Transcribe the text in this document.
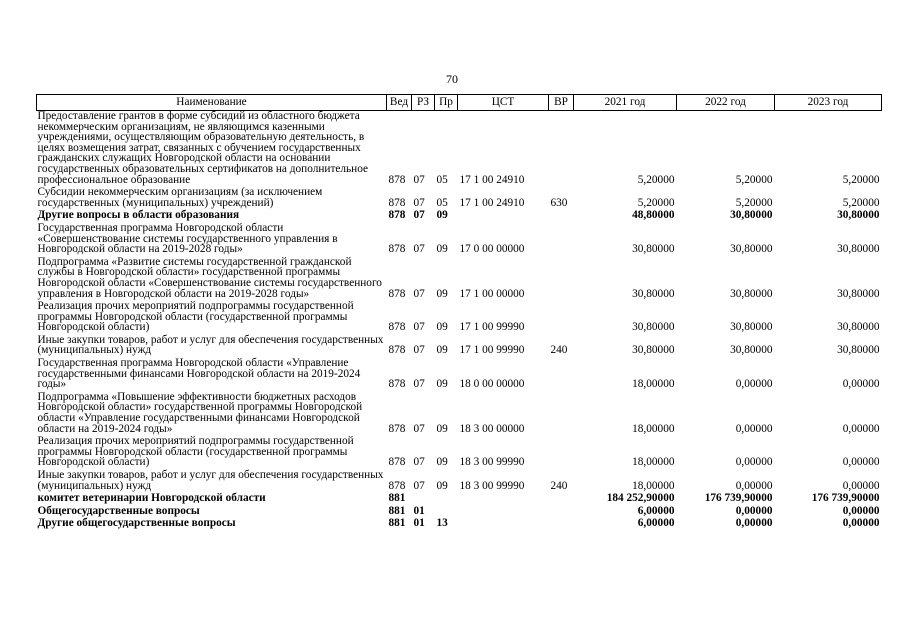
70
Наименование	Вед	РЗ	Пр	ЦСТ	ВР	2021 год	2022 год	2023 год
Предоставление грантов в форме субсидий из областного бюджета некоммерческим организациям, не являющимся казенными учреждениями, осуществляющим образовательную деятельность, в целях возмещения затрат, связанных с обучением государственных гражданских служащих Новгородской области на основании государственных образовательных сертификатов на дополнительное профессиональное образование	878	07	05	17 1 00 24910		5,20000	5,20000	5,20000
Субсидии некоммерческим организациям (за исключением государственных (муниципальных) учреждений)	878	07	05	17 1 00 24910	630	5,20000	5,20000	5,20000
Другие вопросы в области образования	878	07	09			48,80000	30,80000	30,80000
Государственная программа Новгородской области «Совершенствование системы государственного управления в Новгородской области на 2019-2028 годы»	878	07	09	17 0 00 00000		30,80000	30,80000	30,80000
Подпрограмма «Развитие системы государственной гражданской службы в Новгородской области» государственной программы Новгородской области «Совершенствование системы государственного управления в Новгородской области на 2019-2028 годы»	878	07	09	17 1 00 00000		30,80000	30,80000	30,80000
Реализация прочих мероприятий подпрограммы государственной программы Новгородской области (государственной программы Новгородской области)	878	07	09	17 1 00 99990		30,80000	30,80000	30,80000
Иные закупки товаров, работ и услуг для обеспечения государственных (муниципальных) нужд	878	07	09	17 1 00 99990	240	30,80000	30,80000	30,80000
Государственная программа Новгородской области «Управление государственными финансами Новгородской области на 2019-2024 годы»	878	07	09	18 0 00 00000		18,00000	0,00000	0,00000
Подпрограмма «Повышение эффективности бюджетных расходов Новгородской области» государственной программы Новгородской области «Управление государственными финансами Новгородской области на 2019-2024 годы»	878	07	09	18 3 00 00000		18,00000	0,00000	0,00000
Реализация прочих мероприятий подпрограммы государственной программы Новгородской области (государственной программы Новгородской области)	878	07	09	18 3 00 99990		18,00000	0,00000	0,00000
Иные закупки товаров, работ и услуг для обеспечения государственных (муниципальных) нужд	878	07	09	18 3 00 99990	240	18,00000	0,00000	0,00000
комитет ветеринарии Новгородской области	881					184 252,90000	176 739,90000	176 739,90000
Общегосударственные вопросы	881	01				6,00000	0,00000	0,00000
Другие общегосударственные вопросы	881	01	13			6,00000	0,00000	0,00000
